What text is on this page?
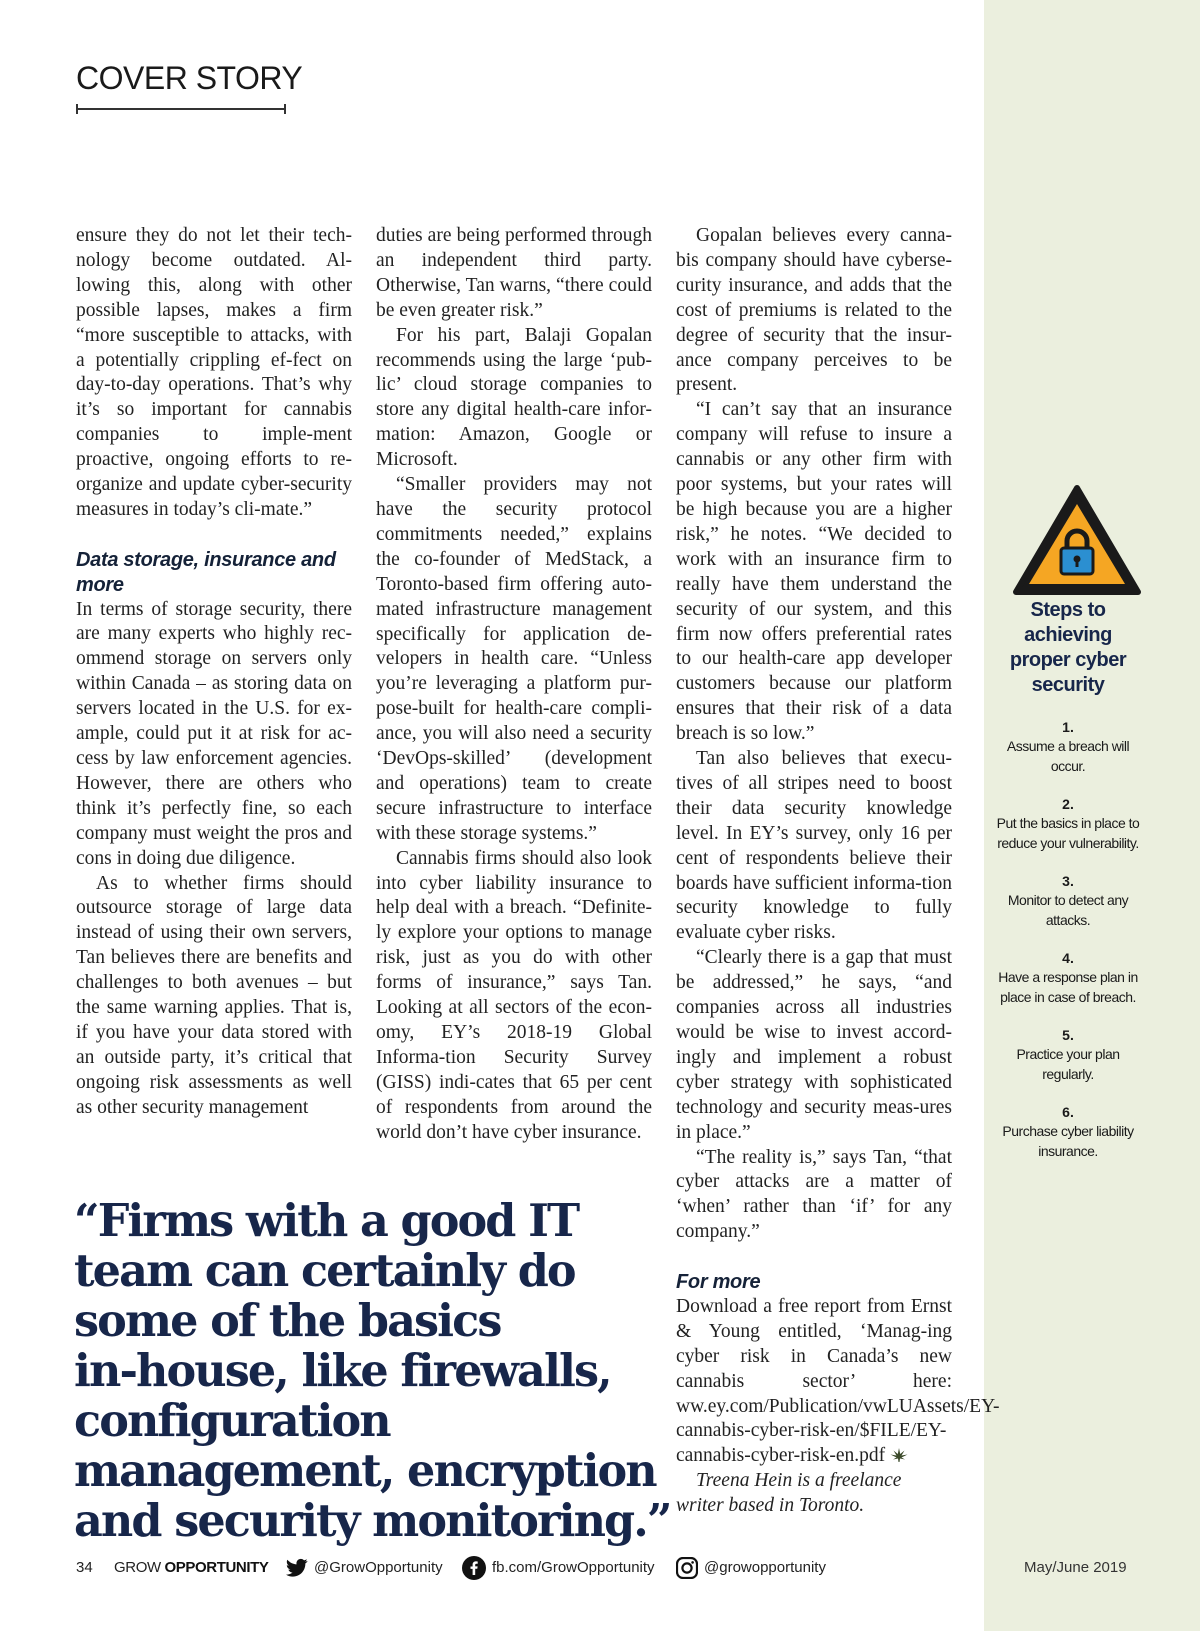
COVER STORY

ensure they do not let their tech-nology become outdated. Al-lowing this, along with other possible lapses, makes a firm “more susceptible to attacks, with a potentially crippling ef-fect on day-to-day operations. That’s why it’s so important for cannabis companies to imple-ment proactive, ongoing efforts to re-organize and update cyber-security measures in today’s cli-mate.”

Data storage, insurance and more

In terms of storage security, there are many experts who highly rec-ommend storage on servers only within Canada – as storing data on servers located in the U.S. for ex-ample, could put it at risk for ac-cess by law enforcement agencies. However, there are others who think it’s perfectly fine, so each company must weight the pros and cons in doing due diligence.

As to whether firms should outsource storage of large data instead of using their own servers, Tan believes there are benefits and challenges to both avenues – but the same warning applies. That is, if you have your data stored with an outside party, it’s critical that ongoing risk assessments as well as other security management

duties are being performed through an independent third party. Otherwise, Tan warns, “there could be even greater risk.”

For his part, Balaji Gopalan recommends using the large ‘pub-lic’ cloud storage companies to store any digital health-care infor-mation: Amazon, Google or Microsoft.

“Smaller providers may not have the security protocol commitments needed,” explains the co-founder of MedStack, a Toronto-based firm offering auto-mated infrastructure management specifically for application de-velopers in health care. “Unless you’re leveraging a platform pur-pose-built for health-care compli-ance, you will also need a security ‘DevOps-skilled’ (development and operations) team to create secure infrastructure to interface with these storage systems.”

Cannabis firms should also look into cyber liability insurance to help deal with a breach. “Definite-ly explore your options to manage risk, just as you do with other forms of insurance,” says Tan. Looking at all sectors of the econ-omy, EY’s 2018-19 Global Informa-tion Security Survey (GISS) indi-cates that 65 per cent of respondents from around the world don’t have cyber insurance.

Gopalan believes every canna-bis company should have cyberse-curity insurance, and adds that the cost of premiums is related to the degree of security that the insur-ance company perceives to be present.

“I can’t say that an insurance company will refuse to insure a cannabis or any other firm with poor systems, but your rates will be high because you are a higher risk,” he notes. “We decided to work with an insurance firm to really have them understand the security of our system, and this firm now offers preferential rates to our health-care app developer customers because our platform ensures that their risk of a data breach is so low.”

Tan also believes that execu-tives of all stripes need to boost their data security knowledge level. In EY’s survey, only 16 per cent of respondents believe their boards have sufficient informa-tion security knowledge to fully evaluate cyber risks.

“Clearly there is a gap that must be addressed,” he says, “and companies across all industries would be wise to invest accord-ingly and implement a robust cyber strategy with sophisticated technology and security meas-ures in place.”

“The reality is,” says Tan, “that cyber attacks are a matter of ‘when’ rather than ‘if’ for any company.”

For more

Download a free report from Ernst & Young entitled, ‘Manag-ing cyber risk in Canada’s new cannabis sector’ here: ww.ey.com/Publication/vwLUAssets/EY-cannabis-cyber-risk-en/$FILE/EY-cannabis-cyber-risk-en.pdf

Treena Hein is a freelance writer based in Toronto.

“Firms with a good IT
team can certainly do
some of the basics
in-house, like firewalls,
configuration
management, encryption
and security monitoring.”
Steps to achieving proper cyber security
1.
Assume a breach will occur.
2.
Put the basics in place to reduce your vulnerability.
3.
Monitor to detect any attacks.
4.
Have a response plan in place in case of breach.
5.
Practice your plan regularly.
6.
Purchase cyber liability insurance.
34 GROW OPPORTUNITY	@GrowOpportunity	fb.com/GrowOpportunity	@growopportunity	May/June 2019
